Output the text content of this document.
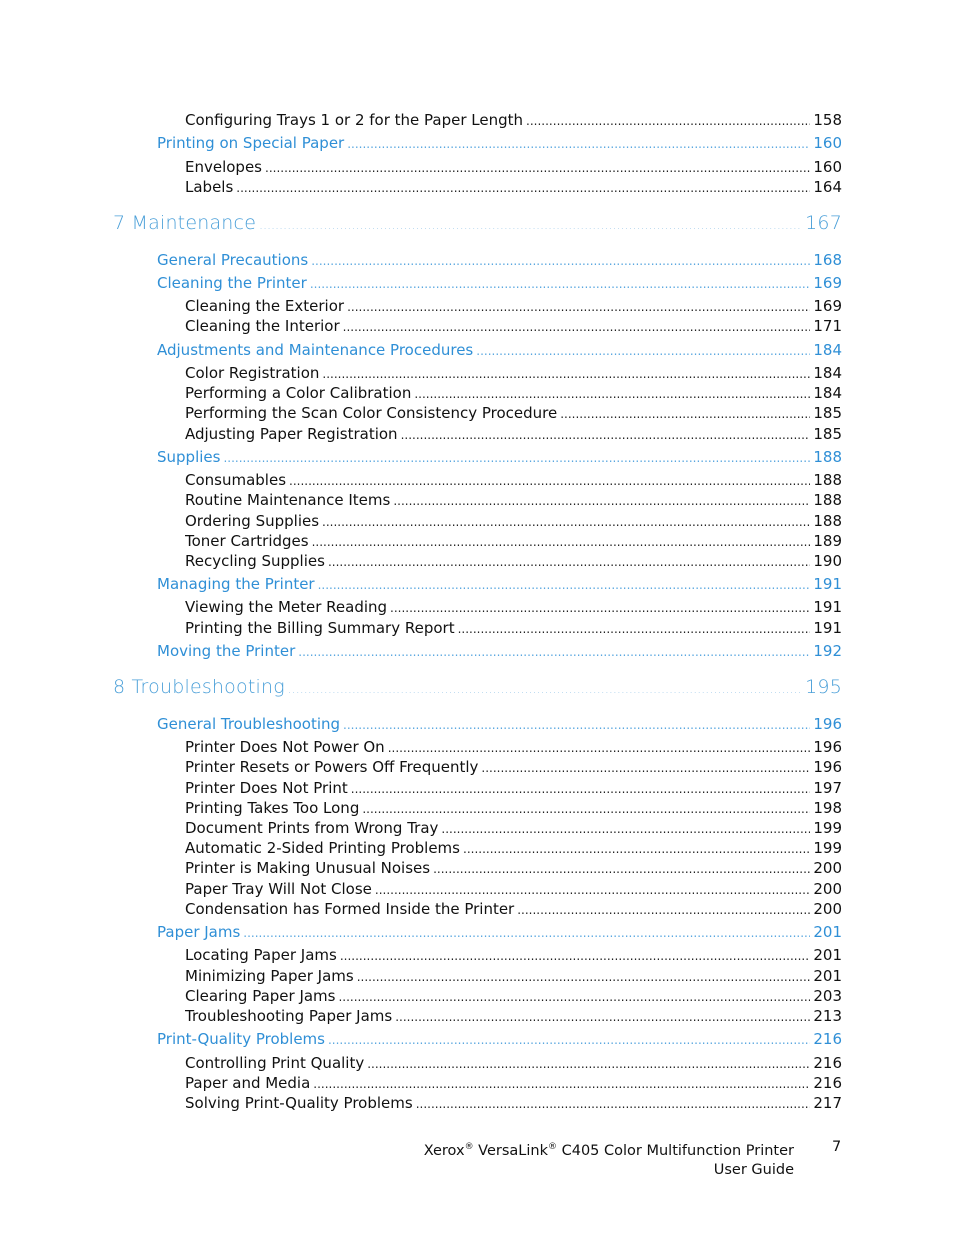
Configuring Trays 1 or 2 for the Paper Length .....	158
Printing on Special Paper .....	160
Envelopes .....	160
Labels .....	164
7 Maintenance .....	167
General Precautions .....	168
Cleaning the Printer .....	169
Cleaning the Exterior .....	169
Cleaning the Interior .....	171
Adjustments and Maintenance Procedures .....	184
Color Registration .....	184
Performing a Color Calibration .....	184
Performing the Scan Color Consistency Procedure .....	185
Adjusting Paper Registration .....	185
Supplies .....	188
Consumables .....	188
Routine Maintenance Items .....	188
Ordering Supplies .....	188
Toner Cartridges .....	189
Recycling Supplies .....	190
Managing the Printer .....	191
Viewing the Meter Reading .....	191
Printing the Billing Summary Report .....	191
Moving the Printer .....	192
8 Troubleshooting .....	195
General Troubleshooting .....	196
Printer Does Not Power On .....	196
Printer Resets or Powers Off Frequently .....	196
Printer Does Not Print .....	197
Printing Takes Too Long .....	198
Document Prints from Wrong Tray .....	199
Automatic 2-Sided Printing Problems .....	199
Printer is Making Unusual Noises .....	200
Paper Tray Will Not Close .....	200
Condensation has Formed Inside the Printer .....	200
Paper Jams .....	201
Locating Paper Jams .....	201
Minimizing Paper Jams .....	201
Clearing Paper Jams .....	203
Troubleshooting Paper Jams .....	213
Print-Quality Problems .....	216
Controlling Print Quality .....	216
Paper and Media .....	216
Solving Print-Quality Problems .....	217
Xerox® VersaLink® C405 Color Multifunction Printer
User Guide
7
